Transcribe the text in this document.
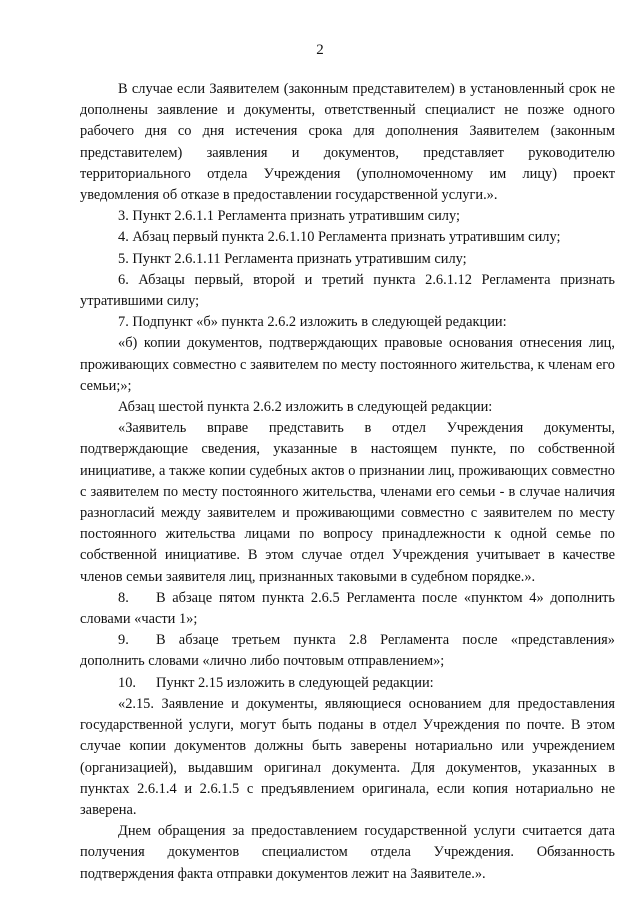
2

В случае если Заявителем (законным представителем) в установленный срок не дополнены заявление и документы, ответственный специалист не позже одного рабочего дня со дня истечения срока для дополнения Заявителем (законным представителем) заявления и документов, представляет руководителю территориального отдела Учреждения (уполномоченному им лицу) проект уведомления об отказе в предоставлении государственной услуги.».

3. Пункт 2.6.1.1 Регламента признать утратившим силу;

4. Абзац первый пункта 2.6.1.10 Регламента признать утратившим силу;

5. Пункт 2.6.1.11 Регламента признать утратившим силу;

6. Абзацы первый, второй и третий пункта 2.6.1.12 Регламента признать утратившими силу;

7. Подпункт «б» пункта 2.6.2 изложить в следующей редакции:

«б) копии документов, подтверждающих правовые основания отнесения лиц, проживающих совместно с заявителем по месту постоянного жительства, к членам его семьи;»;

Абзац шестой пункта 2.6.2 изложить в следующей редакции:

«Заявитель вправе представить в отдел Учреждения документы, подтверждающие сведения, указанные в настоящем пункте, по собственной инициативе, а также копии судебных актов о признании лиц, проживающих совместно с заявителем по месту постоянного жительства, членами его семьи - в случае наличия разногласий между заявителем и проживающими совместно с заявителем по месту постоянного жительства лицами по вопросу принадлежности к одной семье по собственной инициативе. В этом случае отдел Учреждения учитывает в качестве членов семьи заявителя лиц, признанных таковыми в судебном порядке.».

8. В абзаце пятом пункта 2.6.5 Регламента после «пунктом 4» дополнить словами «части 1»;

9. В абзаце третьем пункта 2.8 Регламента после «представления» дополнить словами «лично либо почтовым отправлением»;

10. Пункт 2.15 изложить в следующей редакции:

«2.15. Заявление и документы, являющиеся основанием для предоставления государственной услуги, могут быть поданы в отдел Учреждения по почте. В этом случае копии документов должны быть заверены нотариально или учреждением (организацией), выдавшим оригинал документа. Для документов, указанных в пунктах 2.6.1.4 и 2.6.1.5 с предъявлением оригинала, если копия нотариально не заверена.

Днем обращения за предоставлением государственной услуги считается дата получения документов специалистом отдела Учреждения. Обязанность подтверждения факта отправки документов лежит на Заявителе.».
